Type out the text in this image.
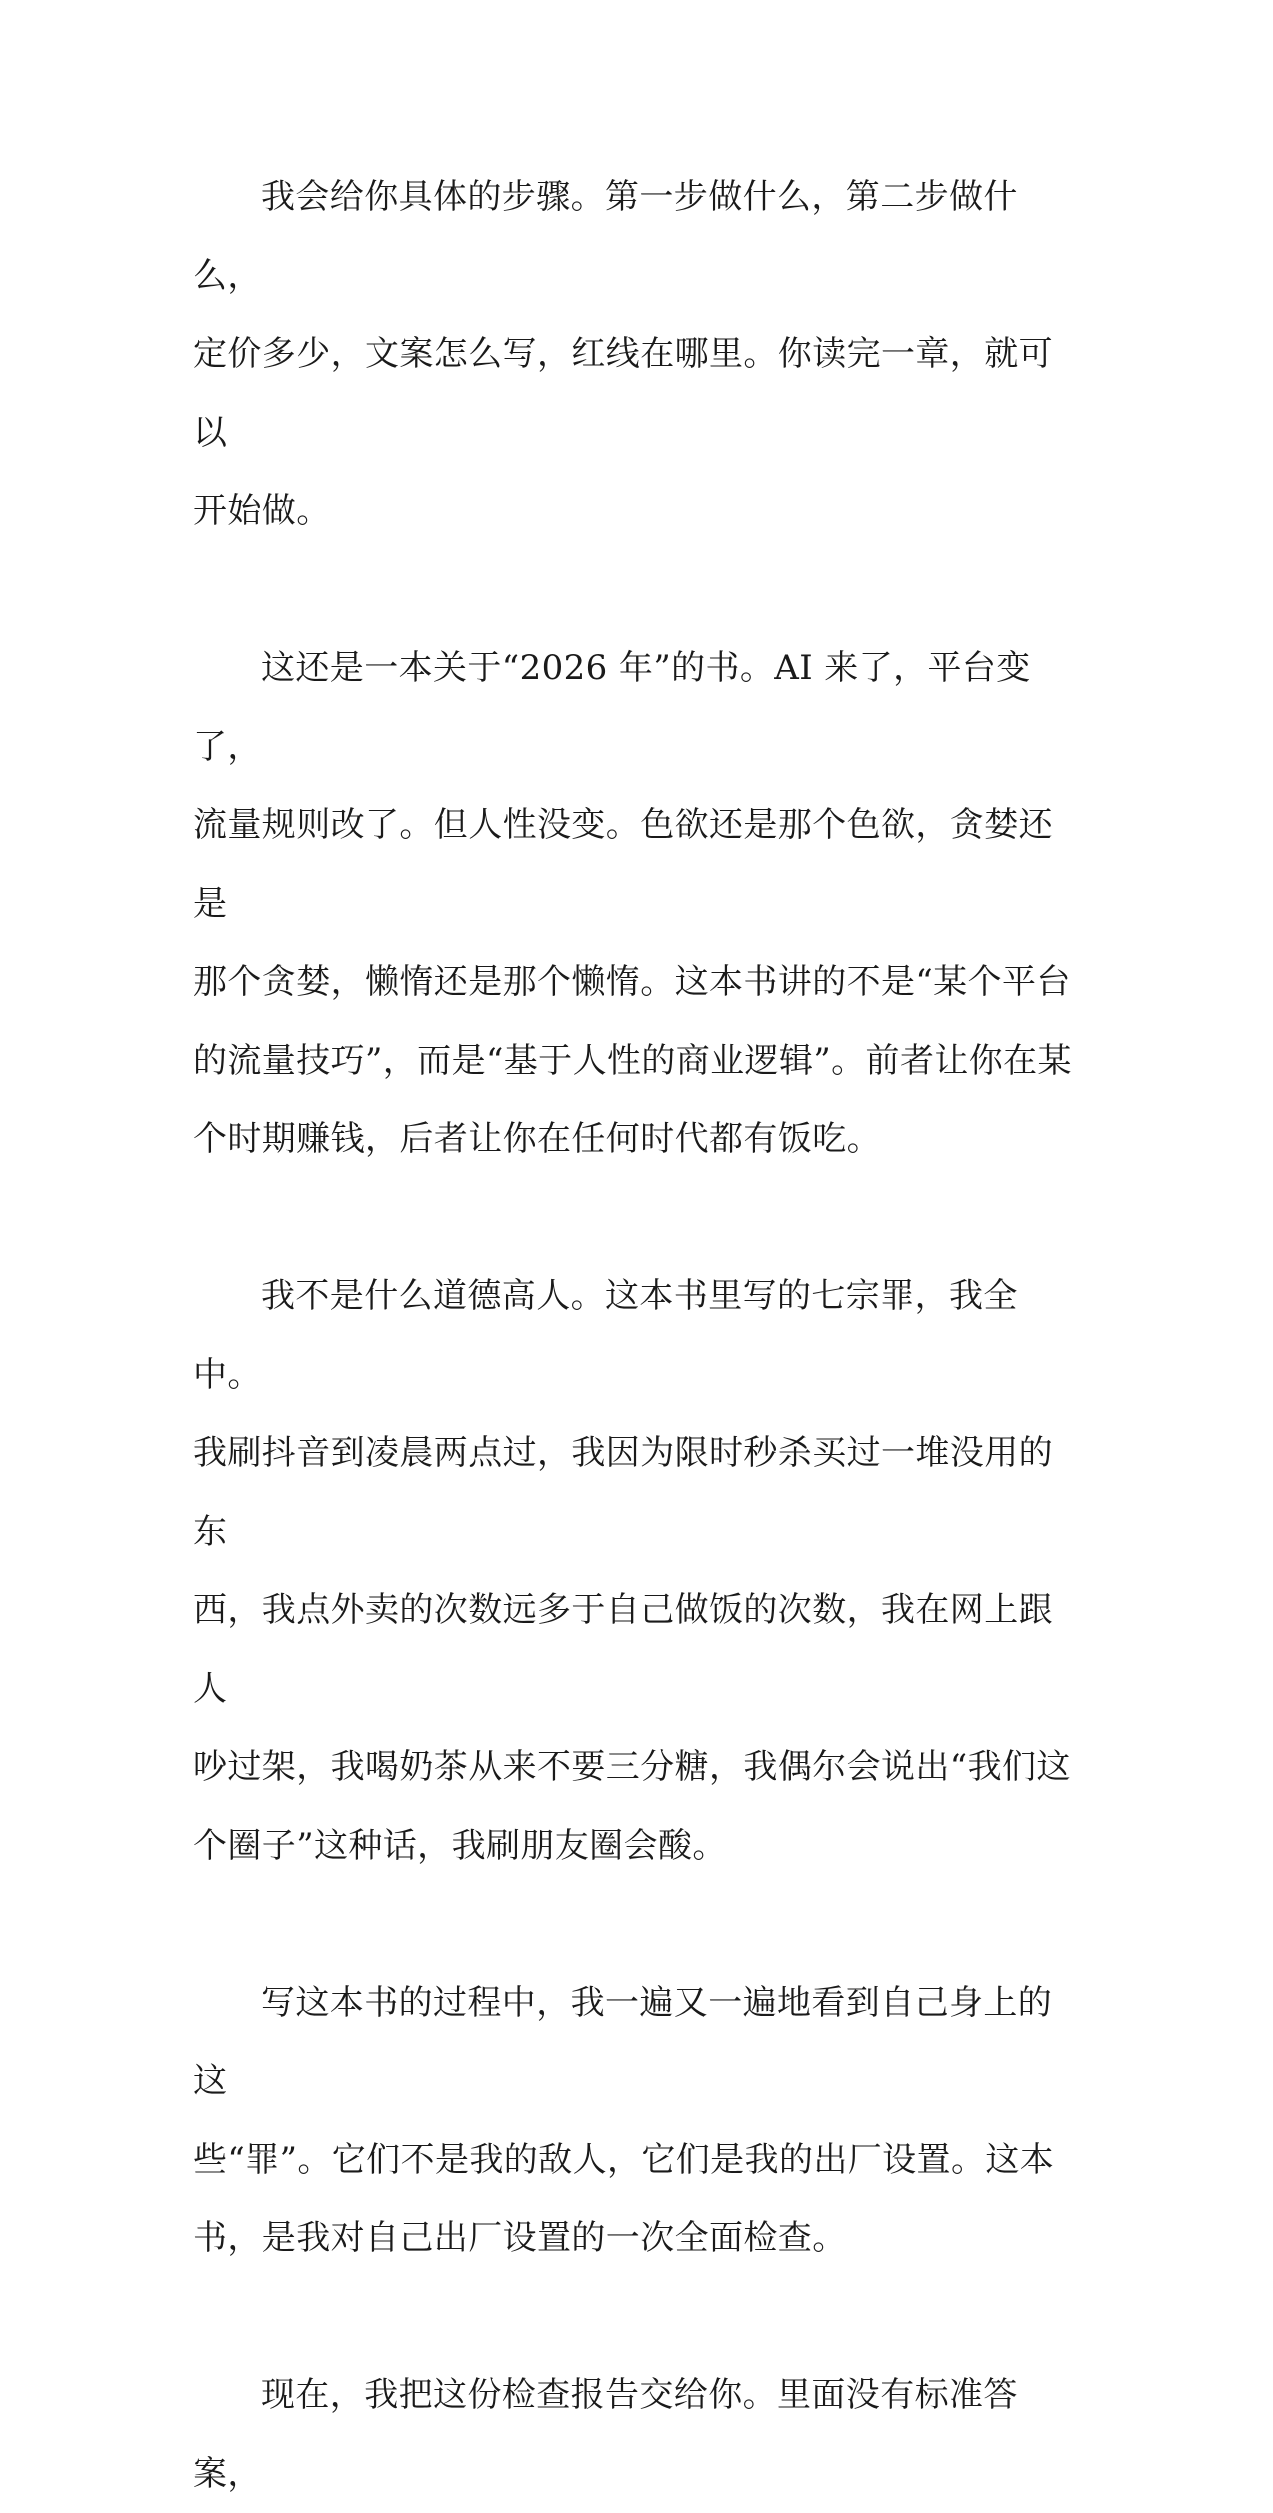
我会给你具体的步骤。第一步做什么，第二步做什么，
定价多少，文案怎么写，红线在哪里。你读完一章，就可以
开始做。

这还是一本关于“2026 年”的书。AI 来了，平台变了，
流量规则改了。但人性没变。色欲还是那个色欲，贪婪还是
那个贪婪，懒惰还是那个懒惰。这本书讲的不是“某个平台
的流量技巧”，而是“基于人性的商业逻辑”。前者让你在某
个时期赚钱，后者让你在任何时代都有饭吃。

我不是什么道德高人。这本书里写的七宗罪，我全中。
我刷抖音到凌晨两点过，我因为限时秒杀买过一堆没用的东
西，我点外卖的次数远多于自己做饭的次数，我在网上跟人
吵过架，我喝奶茶从来不要三分糖，我偶尔会说出“我们这
个圈子”这种话，我刷朋友圈会酸。

写这本书的过程中，我一遍又一遍地看到自己身上的这
些“罪”。它们不是我的敌人，它们是我的出厂设置。这本
书，是我对自己出厂设置的一次全面检查。

现在，我把这份检查报告交给你。里面没有标准答案，
